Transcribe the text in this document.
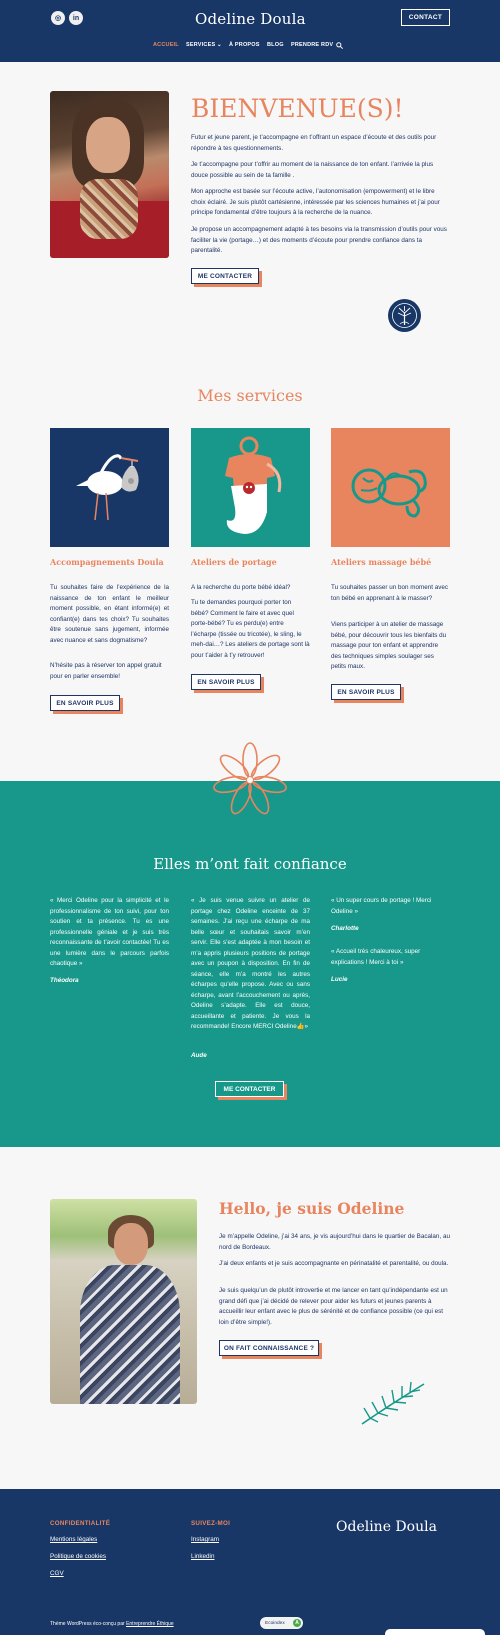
◎	in	Odeline Doula	CONTACT
ACCUEIL SERVICES ⌄ À PROPOS BLOG PRENDRE RDV
BIENVENUE(S)!
Futur et jeune parent, je t’accompagne en t’offrant un espace d’écoute et des outils pour répondre à tes questionnements.
Je t’accompagne pour t’offrir au moment de la naissance de ton enfant. l’arrivée la plus douce possible au sein de ta famille .
Mon approche est basée sur l’écoute active, l’autonomisation (empowerment) et le libre choix éclairé. Je suis plutôt cartésienne, intéressée par les sciences humaines et j’ai pour principe fondamental d’être toujours à la recherche de la nuance.
Je propose un accompagnement adapté à tes besoins via la transmission d’outils pour vous faciliter la vie (portage…) et des moments d’écoute pour prendre confiance dans ta parentalité.
ME CONTACTER
Mes services
Accompagnements Doula	Ateliers de portage	Ateliers massage bébé
Tu souhaites faire de l’expérience de la naissance de ton enfant le meilleur moment possible, en étant informé(e) et confiant(e) dans tes choix? Tu souhaites être soutenue sans jugement, informée avec nuance et sans dogmatisme?
N’hésite pas à réserver ton appel gratuit pour en parler ensemble!
EN SAVOIR PLUS
A la recherche du porte bébé idéal?
Tu te demandes pourquoi porter ton bébé? Comment le faire et avec quel porte-bébé? Tu es perdu(e) entre l’écharpe (tissée ou tricotée), le sling, le meh-dai…? Les ateliers de portage sont là pour t’aider à t’y retrouver!
EN SAVOIR PLUS
Tu souhaites passer un bon moment avec ton bébé en apprenant à le masser?
Viens participer à un atelier de massage bébé, pour découvrir tous les bienfaits du massage pour ton enfant et apprendre des techniques simples soulager ses petits maux.
EN SAVOIR PLUS
Elles m’ont fait confiance
« Merci Odeline pour la simplicité et le professionnalisme de ton suivi, pour ton soutien et ta présence. Tu es une professionnelle géniale et je suis très reconnaissante de t’avoir contactée! Tu es une lumière dans le parcours parfois chaotique »
Théodora
« Je suis venue suivre un atelier de portage chez Odeline enceinte de 37 semaines. J’ai reçu une écharpe de ma belle sœur et souhaitais savoir m’en servir. Elle s’est adaptée à mon besoin et m’a appris plusieurs positions de portage avec un poupon à disposition. En fin de séance, elle m’a montré les autres écharpes qu’elle propose. Avec ou sans écharpe, avant l’accouchement ou après, Odeline s’adapte. Elle est douce, accueillante et patiente. Je vous la recommande! Encore MERCI Odeline👍»
Aude
« Un super cours de portage ! Merci Odeline »
Charlotte
« Accueil très chaleureux, super explications ! Merci à toi »
Lucie
ME CONTACTER
Hello, je suis Odeline
Je m’appelle Odeline, j’ai 34 ans, je vis aujourd’hui dans le quartier de Bacalan, au nord de Bordeaux.
J’ai deux enfants et je suis accompagnante en périnatalité et parentalité, ou doula.
Je suis quelqu’un de plutôt introvertie et me lancer en tant qu’indépendante est un grand défi que j’ai décidé de relever pour aider les futurs et jeunes parents à accueillir leur enfant avec le plus de sérénité et de confiance possible (ce qui est loin d’être simple!).
ON FAIT CONNAISSANCE ?
CONFIDENTIALITÉ
Mentions légales
Politique de cookies
CGV
SUIVEZ-MOI
Instagram
Linkedin
Odeline Doula
Thème WordPress éco-conçu par Entreprendre Éthique	Ecoindex	A
